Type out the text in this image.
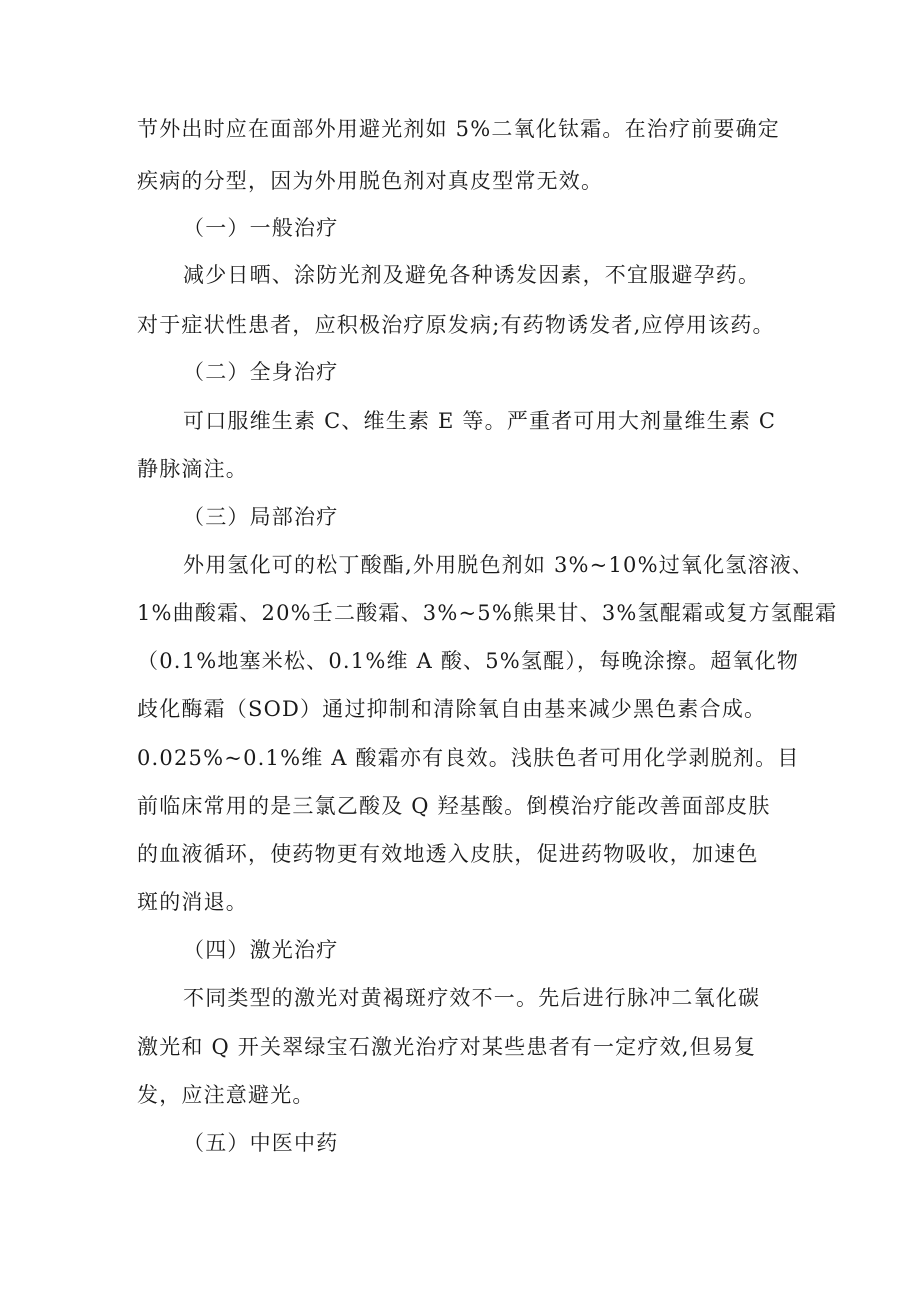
节外出时应在面部外用避光剂如 5%二氧化钛霜。在治疗前要确定
疾病的分型，因为外用脱色剂对真皮型常无效。
（一）一般治疗
减少日晒、涂防光剂及避免各种诱发因素，不宜服避孕药。
对于症状性患者，应积极治疗原发病;有药物诱发者,应停用该药。
（二）全身治疗
可口服维生素 C、维生素 E 等。严重者可用大剂量维生素 C
静脉滴注。
（三）局部治疗
外用氢化可的松丁酸酯,外用脱色剂如 3%~10%过氧化氢溶液、
1%曲酸霜、20%壬二酸霜、3%~5%熊果甘、3%氢醌霜或复方氢醌霜
（0.1%地塞米松、0.1%维 A 酸、5%氢醌），每晚涂擦。超氧化物
歧化酶霜（SOD）通过抑制和清除氧自由基来减少黑色素合成。
0.025%~0.1%维 A 酸霜亦有良效。浅肤色者可用化学剥脱剂。目
前临床常用的是三氯乙酸及 Q 羟基酸。倒模治疗能改善面部皮肤
的血液循环，使药物更有效地透入皮肤，促进药物吸收，加速色
斑的消退。
（四）激光治疗
不同类型的激光对黄褐斑疗效不一。先后进行脉冲二氧化碳
激光和 Q 开关翠绿宝石激光治疗对某些患者有一定疗效,但易复
发，应注意避光。
（五）中医中药
